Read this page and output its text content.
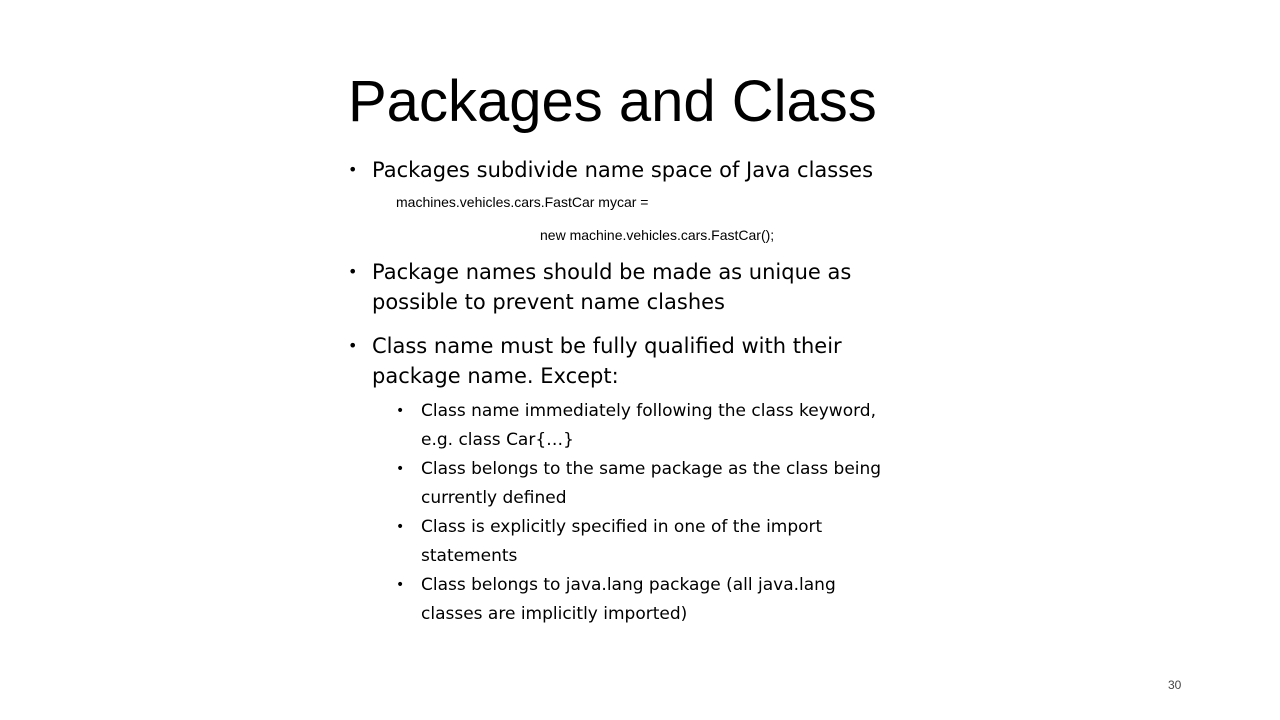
Packages and Class
• Packages subdivide name space of Java classes
machines.vehicles.cars.FastCar mycar =
new machine.vehicles.cars.FastCar();
• Package names should be made as unique as possible to prevent name clashes
• Class name must be fully qualified with their package name. Except:
• Class name immediately following the class keyword, e.g. class Car{…}
• Class belongs to the same package as the class being currently defined
• Class is explicitly specified in one of the import statements
• Class belongs to java.lang package (all java.lang classes are implicitly imported)
30
